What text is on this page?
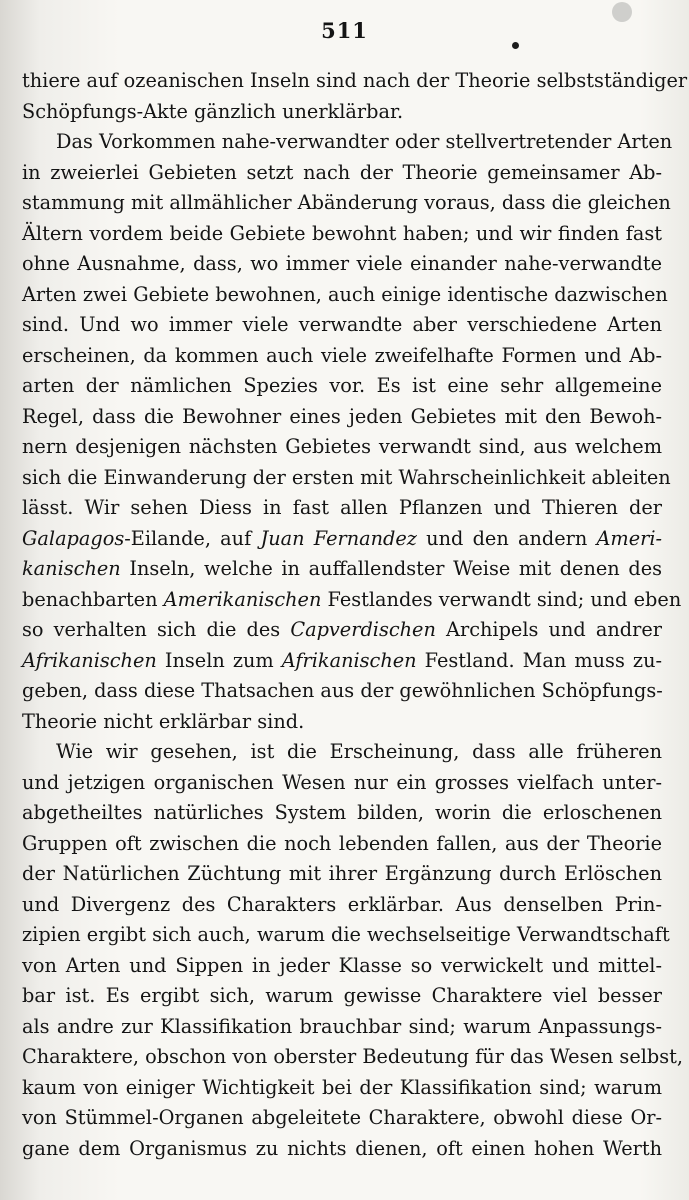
511
thiere auf ozeanischen Inseln sind nach der Theorie selbstständiger
Schöpfungs-Akte gänzlich unerklärbar.
Das Vorkommen nahe-verwandter oder stellvertretender Arten
in zweierlei Gebieten setzt nach der Theorie gemeinsamer Ab-
stammung mit allmählicher Abänderung voraus, dass die gleichen
Ältern vordem beide Gebiete bewohnt haben; und wir finden fast
ohne Ausnahme, dass, wo immer viele einander nahe-verwandte
Arten zwei Gebiete bewohnen, auch einige identische dazwischen
sind. Und wo immer viele verwandte aber verschiedene Arten
erscheinen, da kommen auch viele zweifelhafte Formen und Ab-
arten der nämlichen Spezies vor. Es ist eine sehr allgemeine
Regel, dass die Bewohner eines jeden Gebietes mit den Bewoh-
nern desjenigen nächsten Gebietes verwandt sind, aus welchem
sich die Einwanderung der ersten mit Wahrscheinlichkeit ableiten
lässt. Wir sehen Diess in fast allen Pflanzen und Thieren der
Galapagos-Eilande, auf Juan Fernandez und den andern Ameri-
kanischen Inseln, welche in auffallendster Weise mit denen des
benachbarten Amerikanischen Festlandes verwandt sind; und eben
so verhalten sich die des Capverdischen Archipels und andrer
Afrikanischen Inseln zum Afrikanischen Festland. Man muss zu-
geben, dass diese Thatsachen aus der gewöhnlichen Schöpfungs-
Theorie nicht erklärbar sind.
Wie wir gesehen, ist die Erscheinung, dass alle früheren
und jetzigen organischen Wesen nur ein grosses vielfach unter-
abgetheiltes natürliches System bilden, worin die erloschenen
Gruppen oft zwischen die noch lebenden fallen, aus der Theorie
der Natürlichen Züchtung mit ihrer Ergänzung durch Erlöschen
und Divergenz des Charakters erklärbar. Aus denselben Prin-
zipien ergibt sich auch, warum die wechselseitige Verwandtschaft
von Arten und Sippen in jeder Klasse so verwickelt und mittel-
bar ist. Es ergibt sich, warum gewisse Charaktere viel besser
als andre zur Klassifikation brauchbar sind; warum Anpassungs-
Charaktere, obschon von oberster Bedeutung für das Wesen selbst,
kaum von einiger Wichtigkeit bei der Klassifikation sind; warum
von Stümmel-Organen abgeleitete Charaktere, obwohl diese Or-
gane dem Organismus zu nichts dienen, oft einen hohen Werth
